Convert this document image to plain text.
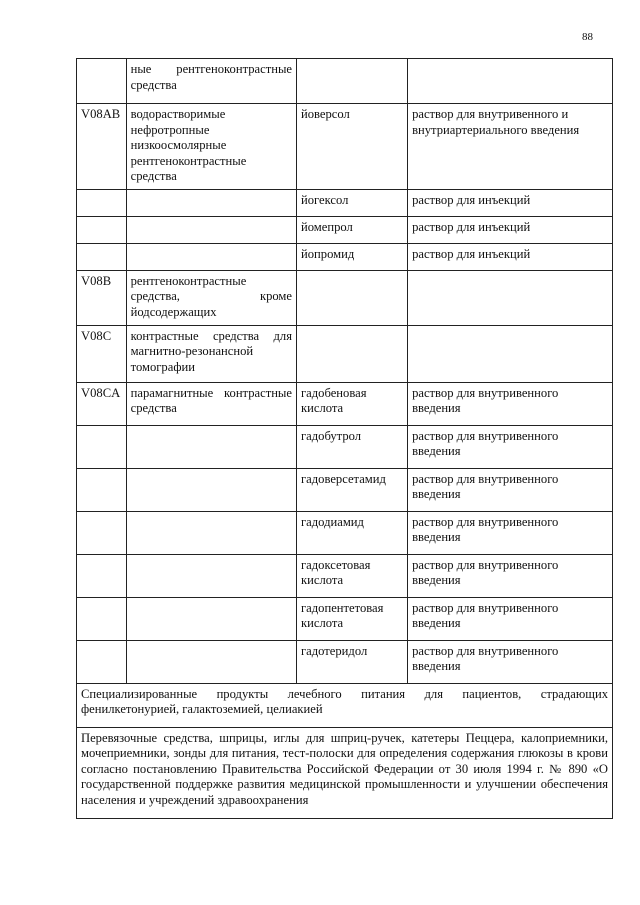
88
	ные рентгеноконтрастные средства		
V08AB	водорастворимые нефротропные низкоосмолярные рентгеноконтрастные средства	йоверсол	раствор для внутривенного и внутриартериального введения
		йогексол	раствор для инъекций
		йомепрол	раствор для инъекций
		йопромид	раствор для инъекций
V08B	рентгеноконтрастные средства, кроме йодсодержащих		
V08C	контрастные средства для магнитно-резонансной томографии		
V08CA	парамагнитные контрастные средства	гадобеновая кислота	раствор для внутривенного введения
		гадобутрол	раствор для внутривенного введения
		гадоверсетамид	раствор для внутривенного введения
		гадодиамид	раствор для внутривенного введения
		гадоксетовая кислота	раствор для внутривенного введения
		гадопентетовая кислота	раствор для внутривенного введения
		гадотеридол	раствор для внутривенного введения
Специализированные продукты лечебного питания для пациентов, страдающих фенилкетонурией, галактоземией, целиакией			
Перевязочные средства, шприцы, иглы для шприц-ручек, катетеры Пеццера, калоприемники, мочеприемники, зонды для питания, тест-полоски для определения содержания глюкозы в крови согласно постановлению Правительства Российской Федерации от 30 июля 1994 г. № 890 «О государственной поддержке развития медицинской промышленности и улучшении обеспечения населения и учреждений здравоохранения			
